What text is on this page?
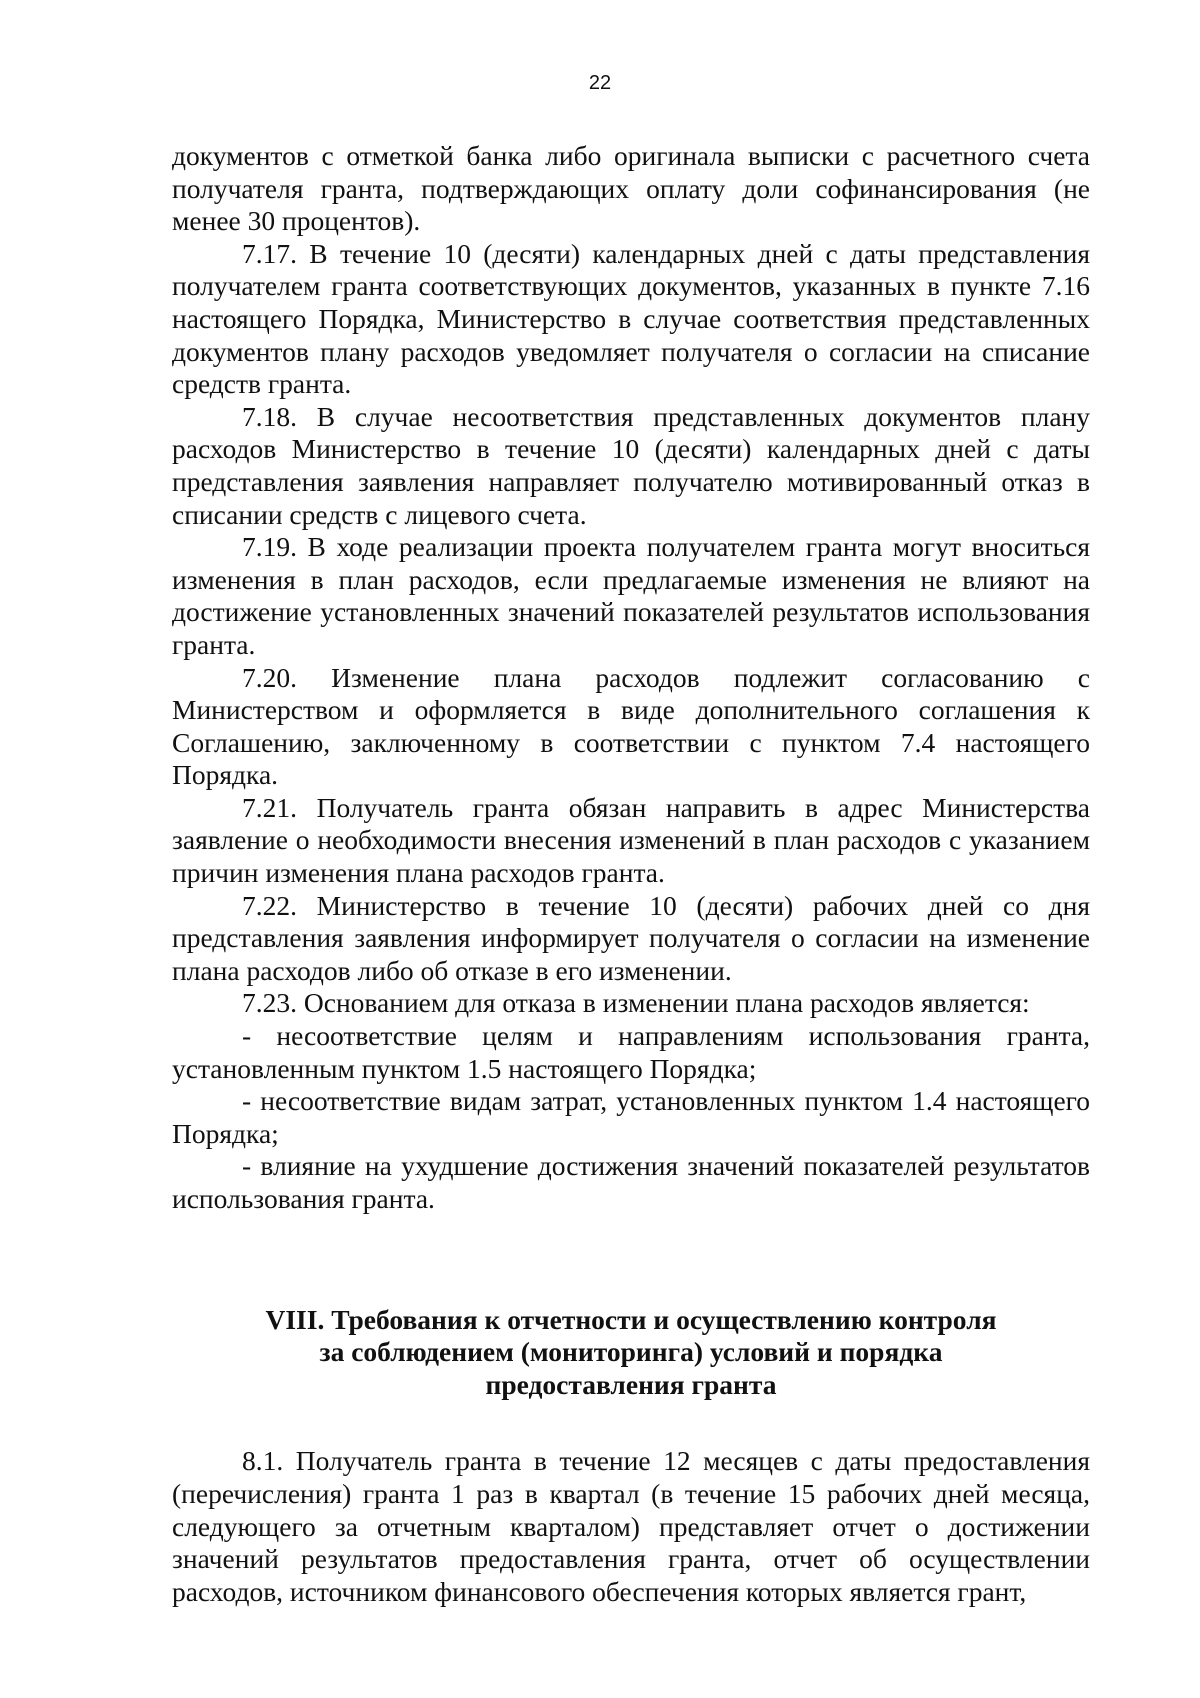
22

документов с отметкой банка либо оригинала выписки с расчетного счета получателя гранта, подтверждающих оплату доли софинансирования (не менее 30 процентов).

7.17. В течение 10 (десяти) календарных дней с даты представления получателем гранта соответствующих документов, указанных в пункте 7.16 настоящего Порядка, Министерство в случае соответствия представленных документов плану расходов уведомляет получателя о согласии на списание средств гранта.

7.18. В случае несоответствия представленных документов плану расходов Министерство в течение 10 (десяти) календарных дней с даты представления заявления направляет получателю мотивированный отказ в списании средств с лицевого счета.

7.19. В ходе реализации проекта получателем гранта могут вноситься изменения в план расходов, если предлагаемые изменения не влияют на достижение установленных значений показателей результатов использования гранта.

7.20. Изменение плана расходов подлежит согласованию с Министерством и оформляется в виде дополнительного соглашения к Соглашению, заключенному в соответствии с пунктом 7.4 настоящего Порядка.

7.21. Получатель гранта обязан направить в адрес Министерства заявление о необходимости внесения изменений в план расходов с указанием причин изменения плана расходов гранта.

7.22. Министерство в течение 10 (десяти) рабочих дней со дня представления заявления информирует получателя о согласии на изменение плана расходов либо об отказе в его изменении.

7.23. Основанием для отказа в изменении плана расходов является:

- несоответствие целям и направлениям использования гранта, установленным пунктом 1.5 настоящего Порядка;

- несоответствие видам затрат, установленных пунктом 1.4 настоящего Порядка;

- влияние на ухудшение достижения значений показателей результатов использования гранта.

VIII. Требования к отчетности и осуществлению контроля

за соблюдением (мониторинга) условий и порядка

предоставления гранта

8.1. Получатель гранта в течение 12 месяцев с даты предоставления (перечисления) гранта 1 раз в квартал (в течение 15 рабочих дней месяца, следующего за отчетным кварталом) представляет отчет о достижении значений результатов предоставления гранта, отчет об осуществлении расходов, источником финансового обеспечения которых является грант,
